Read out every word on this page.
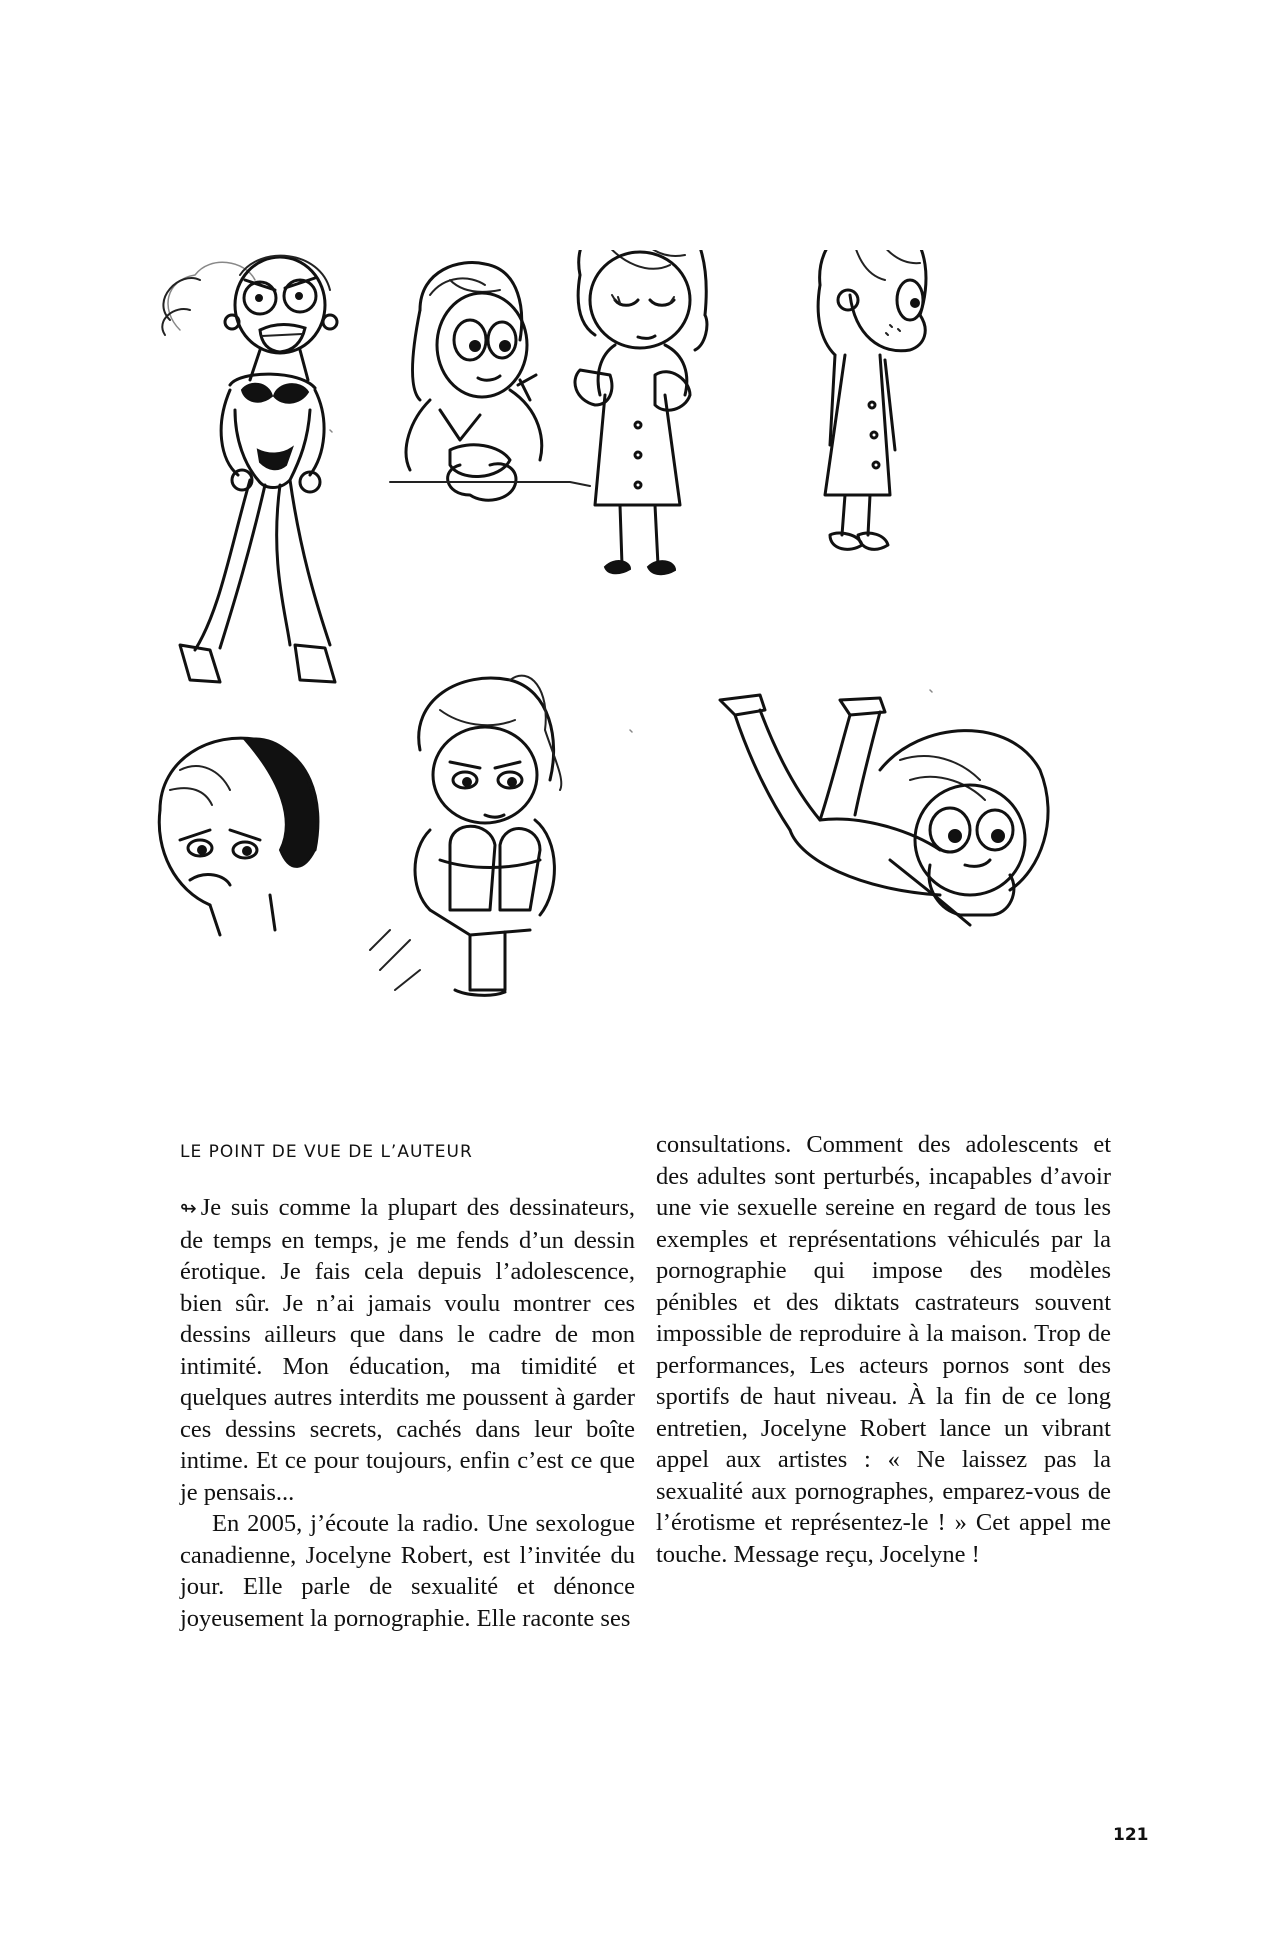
LE POINT DE VUE DE L’AUTEUR

↬ Je suis comme la plupart des dessinateurs, de temps en temps, je me fends d’un dessin érotique. Je fais cela depuis l’adolescence, bien sûr. Je n’ai jamais voulu montrer ces dessins ailleurs que dans le cadre de mon intimité. Mon éducation, ma timidité et quelques autres interdits me poussent à garder ces dessins secrets, cachés dans leur boîte intime. Et ce pour toujours, enfin c’est ce que je pensais...

En 2005, j’écoute la radio. Une sexologue canadienne, Jocelyne Robert, est l’invitée du jour. Elle parle de sexualité et dénonce joyeusement la pornographie. Elle raconte ses

consultations. Comment des adolescents et des adultes sont perturbés, incapables d’avoir une vie sexuelle sereine en regard de tous les exemples et représentations véhiculés par la pornographie qui impose des modèles pénibles et des diktats castrateurs souvent impossible de reproduire à la maison. Trop de performances, Les acteurs pornos sont des sportifs de haut niveau. À la fin de ce long entretien, Jocelyne Robert lance un vibrant appel aux artistes : « Ne laissez pas la sexualité aux pornographes, emparez-vous de l’érotisme et représentez-le ! » Cet appel me touche. Message reçu, Jocelyne !

121
